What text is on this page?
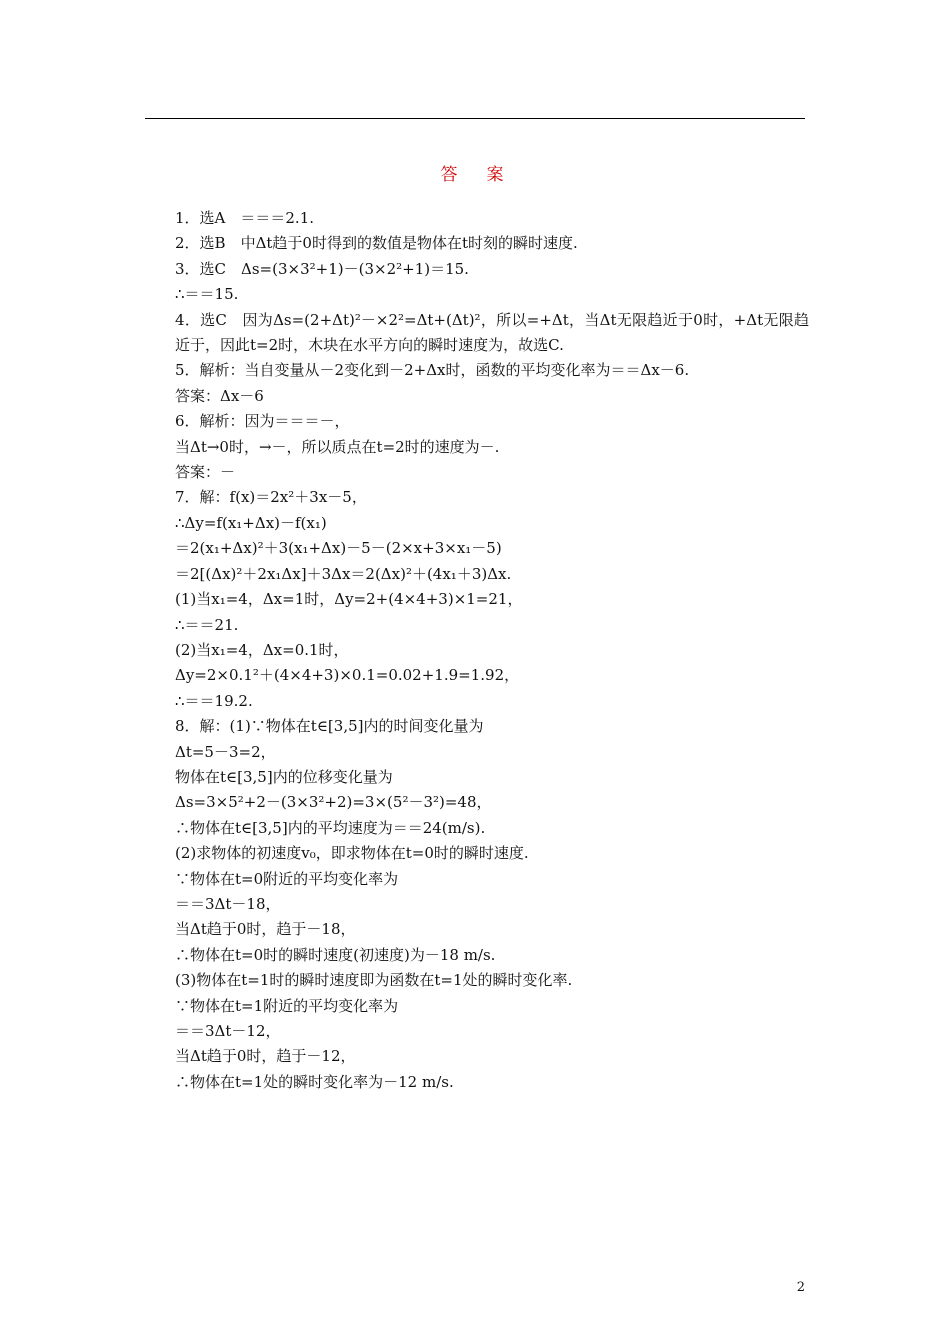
答　案
1．选A　＝＝＝2.1.
2．选B　中Δt趋于0时得到的数值是物体在t时刻的瞬时速度.
3．选C　Δs=(3×3²+1)－(3×2²+1)＝15.
∴＝＝15.
4．选C　因为Δs=(2+Δt)²－×2²=Δt+(Δt)²，所以=+Δt，当Δt无限趋近于0时，+Δt无限趋近于，因此t=2时，木块在水平方向的瞬时速度为，故选C.
5．解析：当自变量从－2变化到－2+Δx时，函数的平均变化率为＝＝Δx－6.
答案：Δx－6
6．解析：因为＝＝＝－，
当Δt→0时，→－，所以质点在t=2时的速度为－.
答案：－
7．解：f(x)＝2x²＋3x－5，
∴Δy=f(x₁+Δx)－f(x₁)
＝2(x₁+Δx)²＋3(x₁+Δx)－5－(2×x+3×x₁－5)
＝2[(Δx)²＋2x₁Δx]＋3Δx＝2(Δx)²＋(4x₁＋3)Δx.
(1)当x₁=4，Δx=1时，Δy=2+(4×4+3)×1=21，
∴＝＝21.
(2)当x₁=4，Δx=0.1时，
Δy=2×0.1²＋(4×4+3)×0.1=0.02+1.9=1.92，
∴＝＝19.2.
8．解：(1)∵物体在t∈[3,5]内的时间变化量为
Δt=5－3=2，
物体在t∈[3,5]内的位移变化量为
Δs=3×5²+2－(3×3²+2)=3×(5²－3²)=48，
∴物体在t∈[3,5]内的平均速度为＝＝24(m/s).
(2)求物体的初速度v₀，即求物体在t=0时的瞬时速度.
∵物体在t=0附近的平均变化率为
＝＝3Δt－18，
当Δt趋于0时，趋于－18，
∴物体在t=0时的瞬时速度(初速度)为－18 m/s.
(3)物体在t=1时的瞬时速度即为函数在t=1处的瞬时变化率.
∵物体在t=1附近的平均变化率为
＝＝3Δt－12，
当Δt趋于0时，趋于－12，
∴物体在t=1处的瞬时变化率为－12 m/s.
2
